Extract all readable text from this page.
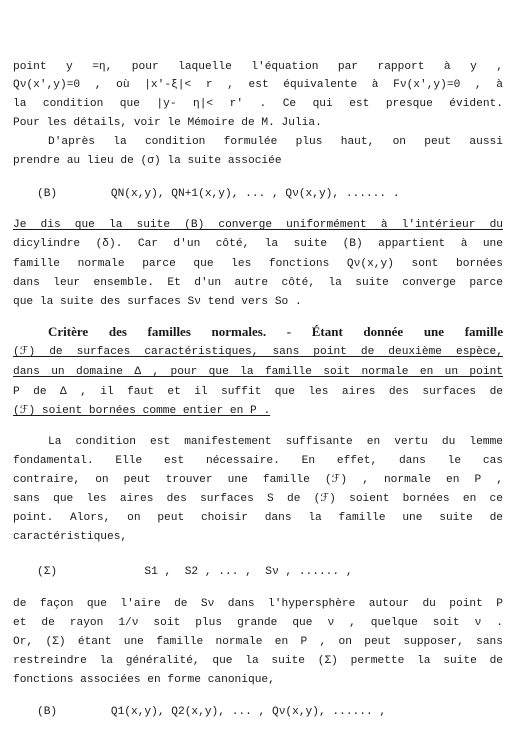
point y =η, pour laquelle l'équation par rapport à y ,
Qν(x',y)=0 , où |x'-ξ|< r , est équivalente à Fν(x',y)=0 , à
la condition que |y- η|< r' . Ce qui est presque évident.
Pour les détails, voir le Mémoire de M. Julia.
D'après la condition formulée plus haut, on peut aussi
prendre au lieu de (σ) la suite associée
(B)        QN(x,y), QN+1(x,y), ... , Qν(x,y), ...... .
Je dis que la suite (B) converge uniformément à l'intérieur du
dicylindre (δ). Car d'un côté, la suite (B) appartient à une
famille normale parce que les fonctions Qν(x,y) sont bornées
dans leur ensemble. Et d'un autre côté, la suite converge parce
que la suite des surfaces Sν tend vers So .
Critère des familles normales. - Étant donnée une famille
(ℱ) de surfaces caractéristiques, sans point de deuxième espèce,
dans un domaine Δ , pour que la famille soit normale en un point
P de Δ , il faut et il suffit que les aires des surfaces de
(ℱ) soient bornées comme entier en P .
La condition est manifestement suffisante en vertu du lemme
fondamental. Elle est nécessaire. En effet, dans le cas
contraire, on peut trouver une famille (ℱ) , normale en P ,
sans que les aires des surfaces S de (ℱ) soient bornées en ce
point. Alors, on peut choisir dans la famille une suite de
caractéristiques,
(Σ)             S1 ,  S2 , ... ,  Sν , ...... ,
de façon que l'aire de Sν dans l'hypersphère autour du point P
et de rayon 1/ν soit plus grande que ν , quelque soit ν .
Or, (Σ) étant une famille normale en P , on peut supposer, sans
restreindre la généralité, que la suite (Σ) permette la suite de
fonctions associées en forme canonique,
(B)        Q1(x,y), Q2(x,y), ... , Qν(x,y), ...... ,
